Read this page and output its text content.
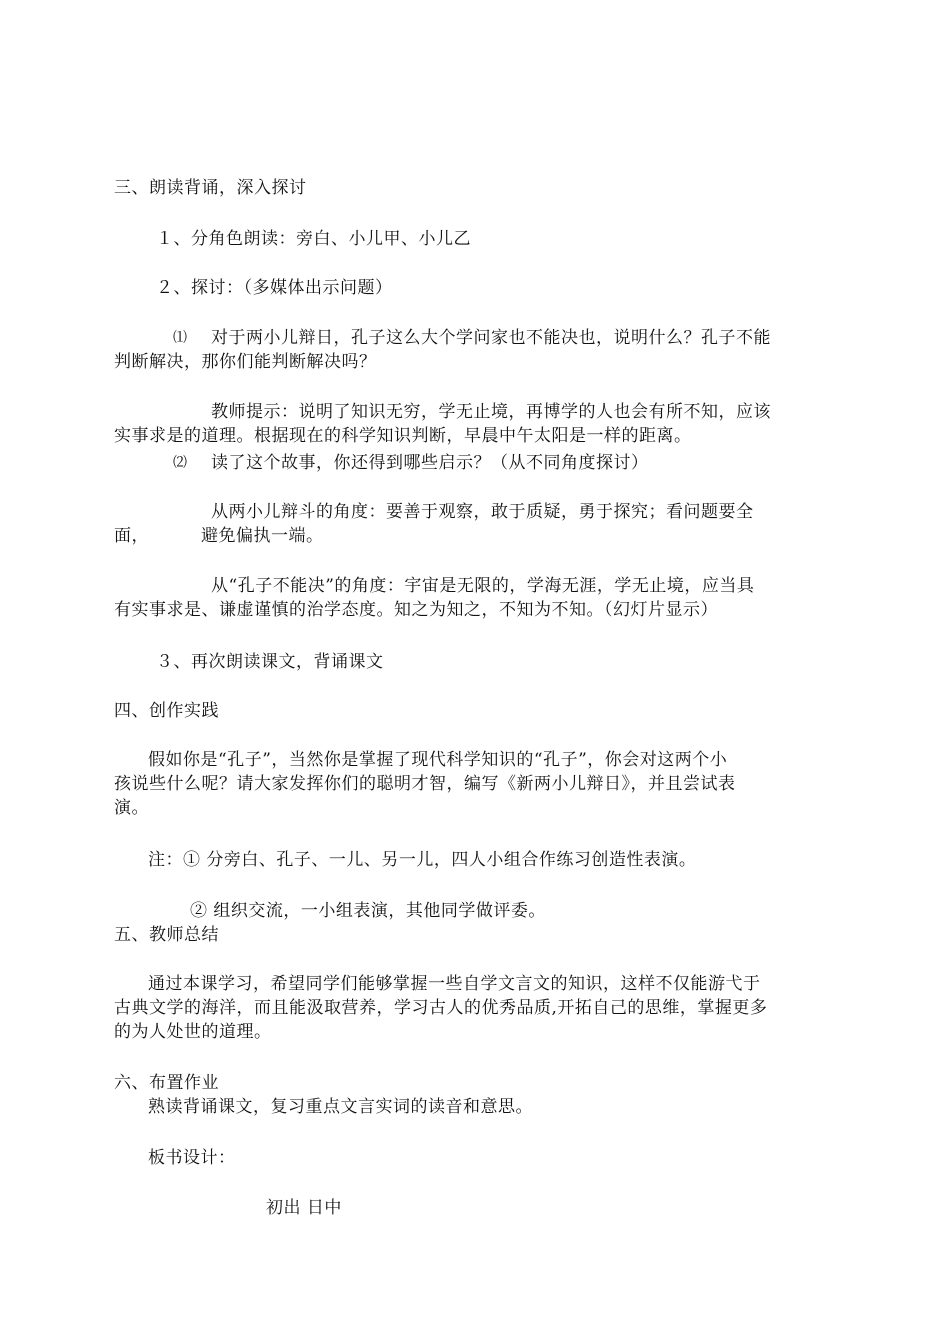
三、朗读背诵，深入探讨
１、分角色朗读：旁白、小儿甲、小儿乙
２、探讨：（多媒体出示问题）
⑴ 对于两小儿辩日，孔子这么大个学问家也不能决也，说明什么？孔子不能
判断解决，那你们能判断解决吗？
教师提示：说明了知识无穷，学无止境，再博学的人也会有所不知，应该
实事求是的道理。根据现在的科学知识判断，早晨中午太阳是一样的距离。
⑵ 读了这个故事，你还得到哪些启示？（从不同角度探讨）
从两小儿辩斗的角度：要善于观察，敢于质疑，勇于探究；看问题要全
面，	避免偏执一端。
从“孔子不能决”的角度：宇宙是无限的，学海无涯，学无止境，应当具
有实事求是、谦虚谨慎的治学态度。知之为知之，不知为不知。（幻灯片显示）
３、再次朗读课文，背诵课文
四、创作实践
假如你是“孔子”，当然你是掌握了现代科学知识的“孔子”，你会对这两个小
孩说些什么呢？请大家发挥你们的聪明才智，编写《新两小儿辩日》，并且尝试表
演。
注：① 分旁白、孔子、一儿、另一儿，四人小组合作练习创造性表演。
② 组织交流，一小组表演，其他同学做评委。
五、教师总结
通过本课学习，希望同学们能够掌握一些自学文言文的知识，这样不仅能游弋于
古典文学的海洋，而且能汲取营养，学习古人的优秀品质,开拓自己的思维，掌握更多
的为人处世的道理。
六、布置作业
熟读背诵课文，复习重点文言实词的读音和意思。
板书设计：
初出 日中
